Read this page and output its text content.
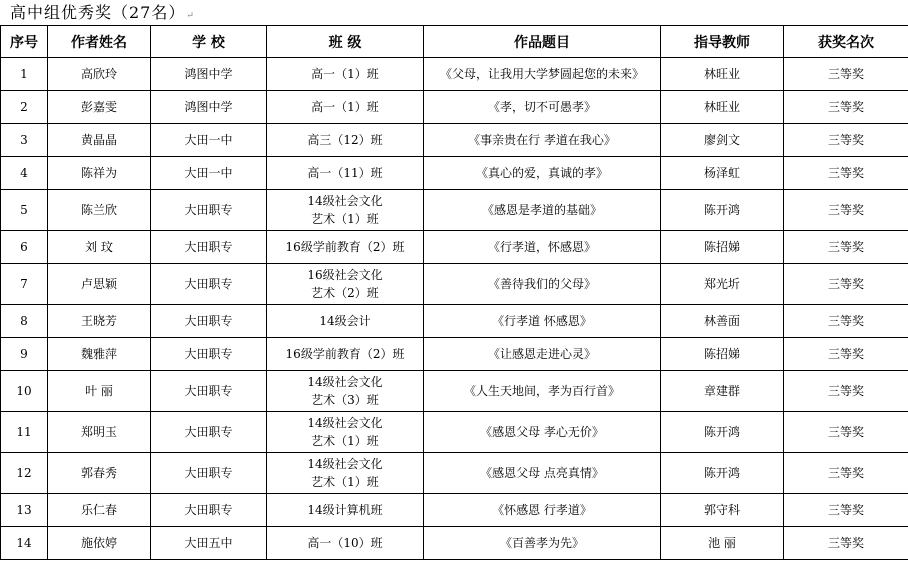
高中组优秀奖（27名）↵
序号	作者姓名	学 校	班 级	作品题目	指导教师	获奖名次
1	高欣玲	鸿图中学	高一（1）班	《父母，让我用大学梦圆起您的未来》	林旺业	三等奖
2	彭嘉雯	鸿图中学	高一（1）班	《孝，切不可愚孝》	林旺业	三等奖
3	黄晶晶	大田一中	高三（12）班	《事亲贵在行 孝道在我心》	廖剑文	三等奖
4	陈祥为	大田一中	高一（11）班	《真心的爱，真诚的孝》	杨泽虹	三等奖
5	陈兰欣	大田职专	14级社会文化
艺术（1）班	《感恩是孝道的基础》	陈开鸿	三等奖
6	刘 玟	大田职专	16级学前教育（2）班	《行孝道，怀感恩》	陈招娣	三等奖
7	卢思颖	大田职专	16级社会文化
艺术（2）班	《善待我们的父母》	郑光圻	三等奖
8	王晓芳	大田职专	14级会计	《行孝道 怀感恩》	林善面	三等奖
9	魏雅萍	大田职专	16级学前教育（2）班	《让感恩走进心灵》	陈招娣	三等奖
10	叶 丽	大田职专	14级社会文化
艺术（3）班	《人生天地间，孝为百行首》	章建群	三等奖
11	郑明玉	大田职专	14级社会文化
艺术（1）班	《感恩父母 孝心无价》	陈开鸿	三等奖
12	郭春秀	大田职专	14级社会文化
艺术（1）班	《感恩父母 点亮真情》	陈开鸿	三等奖
13	乐仁春	大田职专	14级计算机班	《怀感恩 行孝道》	郭守科	三等奖
14	施依婷	大田五中	高一（10）班	《百善孝为先》	池 丽	三等奖
